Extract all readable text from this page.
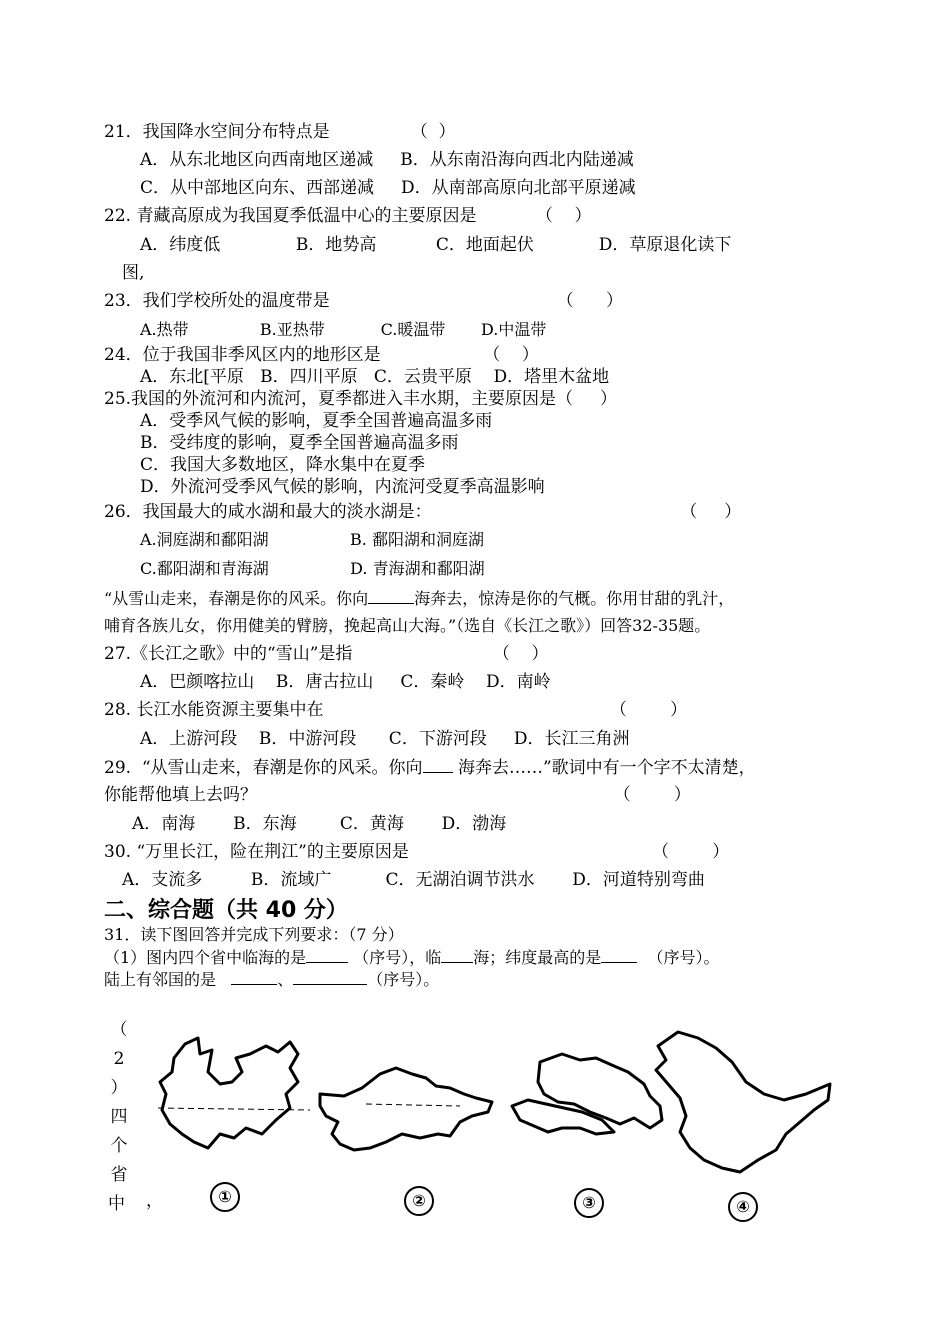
21．我国降水空间分布特点是               （  ）
A．从东北地区向西南地区递减     B．从东南沿海向西北内陆递减
C．从中部地区向东、西部递减     D．从南部高原向北部平原递减
22. 青藏高原成为我国夏季低温中心的主要原因是           （    ）
A．纬度低              B．地势高           C．地面起伏            D．草原退化读下
图,
23．我们学校所处的温度带是                                          （      ）
A.热带              B.亚热带           C.暖温带       D.中温带
24．位于我国非季风区内的地形区是                   （    ）
A．东北[平原   B．四川平原   C．云贵平原    D．塔里木盆地
25.我国的外流河和内流河，夏季都进入丰水期，主要原因是（     ）
A．受季风气候的影响，夏季全国普遍高温多雨
B．受纬度的影响，夏季全国普遍高温多雨
C．我国大多数地区，降水集中在夏季
D．外流河受季风气候的影响，内流河受夏季高温影响
26．我国最大的咸水湖和最大的淡水湖是：                                              （     ）
A.洞庭湖和鄱阳湖                B. 鄱阳湖和洞庭湖
C.鄱阳湖和青海湖                D. 青海湖和鄱阳湖
“从雪山走来，春潮是你的风采。你向	海奔去，惊涛是你的气概。你用甘甜的乳汁，
哺育各族儿女，你用健美的臂膀，挽起高山大海。”（选自《长江之歌》）回答32-35题。
27.《长江之歌》中的“雪山”是指                          （    ）
A．巴颜喀拉山    B．唐古拉山     C．秦岭    D．南岭
28. 长江水能资源主要集中在                                                     （        ）
A．上游河段    B．中游河段      C．下游河段     D．长江三角洲
29.  “从雪山走来，春潮是你的风采。你向 海奔去……”歌词中有一个字不太清楚，
你能帮他填上去吗？                                                                  （        ）
A．南海       B．东海        C．黄海       D．渤海
30. “万里长江，险在荆江”的主要原因是                                             （        ）
A．支流多         B．流域广          C．无湖泊调节洪水       D．河道特别弯曲
二、综合题（共 40 分）
31．读下图回答并完成下列要求：（7 分）
（1）图内四个省中临海的是	（序号），临 海；纬度最高的是	（序号）。
陆上有邻国的是	、	（序号）。
（
2
）
四
个
省
中 ，	①	②	③	④
